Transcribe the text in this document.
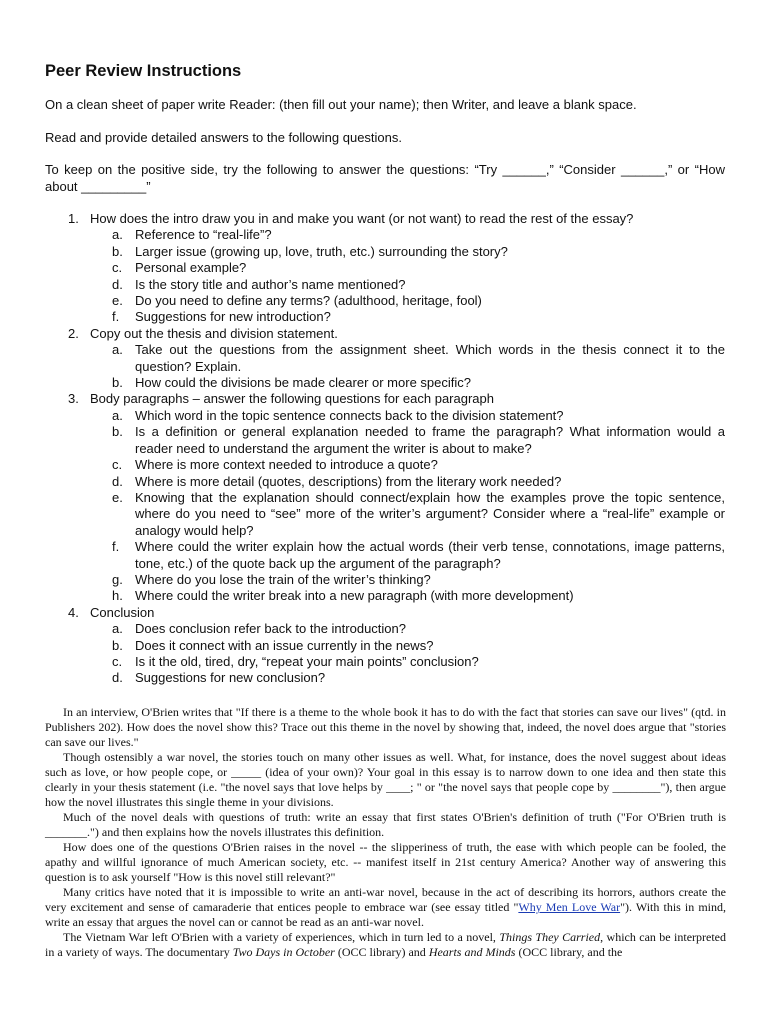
Peer Review Instructions

On a clean sheet of paper write Reader: (then fill out your name); then Writer, and leave a blank space.

Read and provide detailed answers to the following questions.

To keep on the positive side, try the following to answer the questions: “Try ______,” “Consider ______,” or “How about _________”

1. How does the intro draw you in and make you want (or not want) to read the rest of the essay?
a. Reference to “real-life”?
b. Larger issue (growing up, love, truth, etc.) surrounding the story?
c. Personal example?
d. Is the story title and author’s name mentioned?
e. Do you need to define any terms? (adulthood, heritage, fool)
f. Suggestions for new introduction?
2. Copy out the thesis and division statement.
a. Take out the questions from the assignment sheet. Which words in the thesis connect it to the question? Explain.
b. How could the divisions be made clearer or more specific?
3. Body paragraphs – answer the following questions for each paragraph
a. Which word in the topic sentence connects back to the division statement?
b. Is a definition or general explanation needed to frame the paragraph? What information would a reader need to understand the argument the writer is about to make?
c. Where is more context needed to introduce a quote?
d. Where is more detail (quotes, descriptions) from the literary work needed?
e. Knowing that the explanation should connect/explain how the examples prove the topic sentence, where do you need to “see” more of the writer’s argument? Consider where a “real-life” example or analogy would help?
f. Where could the writer explain how the actual words (their verb tense, connotations, image patterns, tone, etc.) of the quote back up the argument of the paragraph?
g. Where do you lose the train of the writer’s thinking?
h. Where could the writer break into a new paragraph (with more development)
4. Conclusion
a. Does conclusion refer back to the introduction?
b. Does it connect with an issue currently in the news?
c. Is it the old, tired, dry, “repeat your main points” conclusion?
d. Suggestions for new conclusion?

In an interview, O'Brien writes that "If there is a theme to the whole book it has to do with the fact that stories can save our lives" (qtd. in Publishers 202). How does the novel show this? Trace out this theme in the novel by showing that, indeed, the novel does argue that "stories can save our lives."

Though ostensibly a war novel, the stories touch on many other issues as well. What, for instance, does the novel suggest about ideas such as love, or how people cope, or _____ (idea of your own)? Your goal in this essay is to narrow down to one idea and then state this clearly in your thesis statement (i.e. "the novel says that love helps by ____; " or "the novel says that people cope by ________"), then argue how the novel illustrates this single theme in your divisions.

Much of the novel deals with questions of truth: write an essay that first states O'Brien's definition of truth ("For O'Brien truth is _______.") and then explains how the novels illustrates this definition.

How does one of the questions O'Brien raises in the novel -- the slipperiness of truth, the ease with which people can be fooled, the apathy and willful ignorance of much American society, etc. -- manifest itself in 21st century America? Another way of answering this question is to ask yourself "How is this novel still relevant?"

Many critics have noted that it is impossible to write an anti-war novel, because in the act of describing its horrors, authors create the very excitement and sense of camaraderie that entices people to embrace war (see essay titled "Why Men Love War"). With this in mind, write an essay that argues the novel can or cannot be read as an anti-war novel.

The Vietnam War left O'Brien with a variety of experiences, which in turn led to a novel, Things They Carried, which can be interpreted in a variety of ways. The documentary Two Days in October (OCC library) and Hearts and Minds (OCC library, and the
